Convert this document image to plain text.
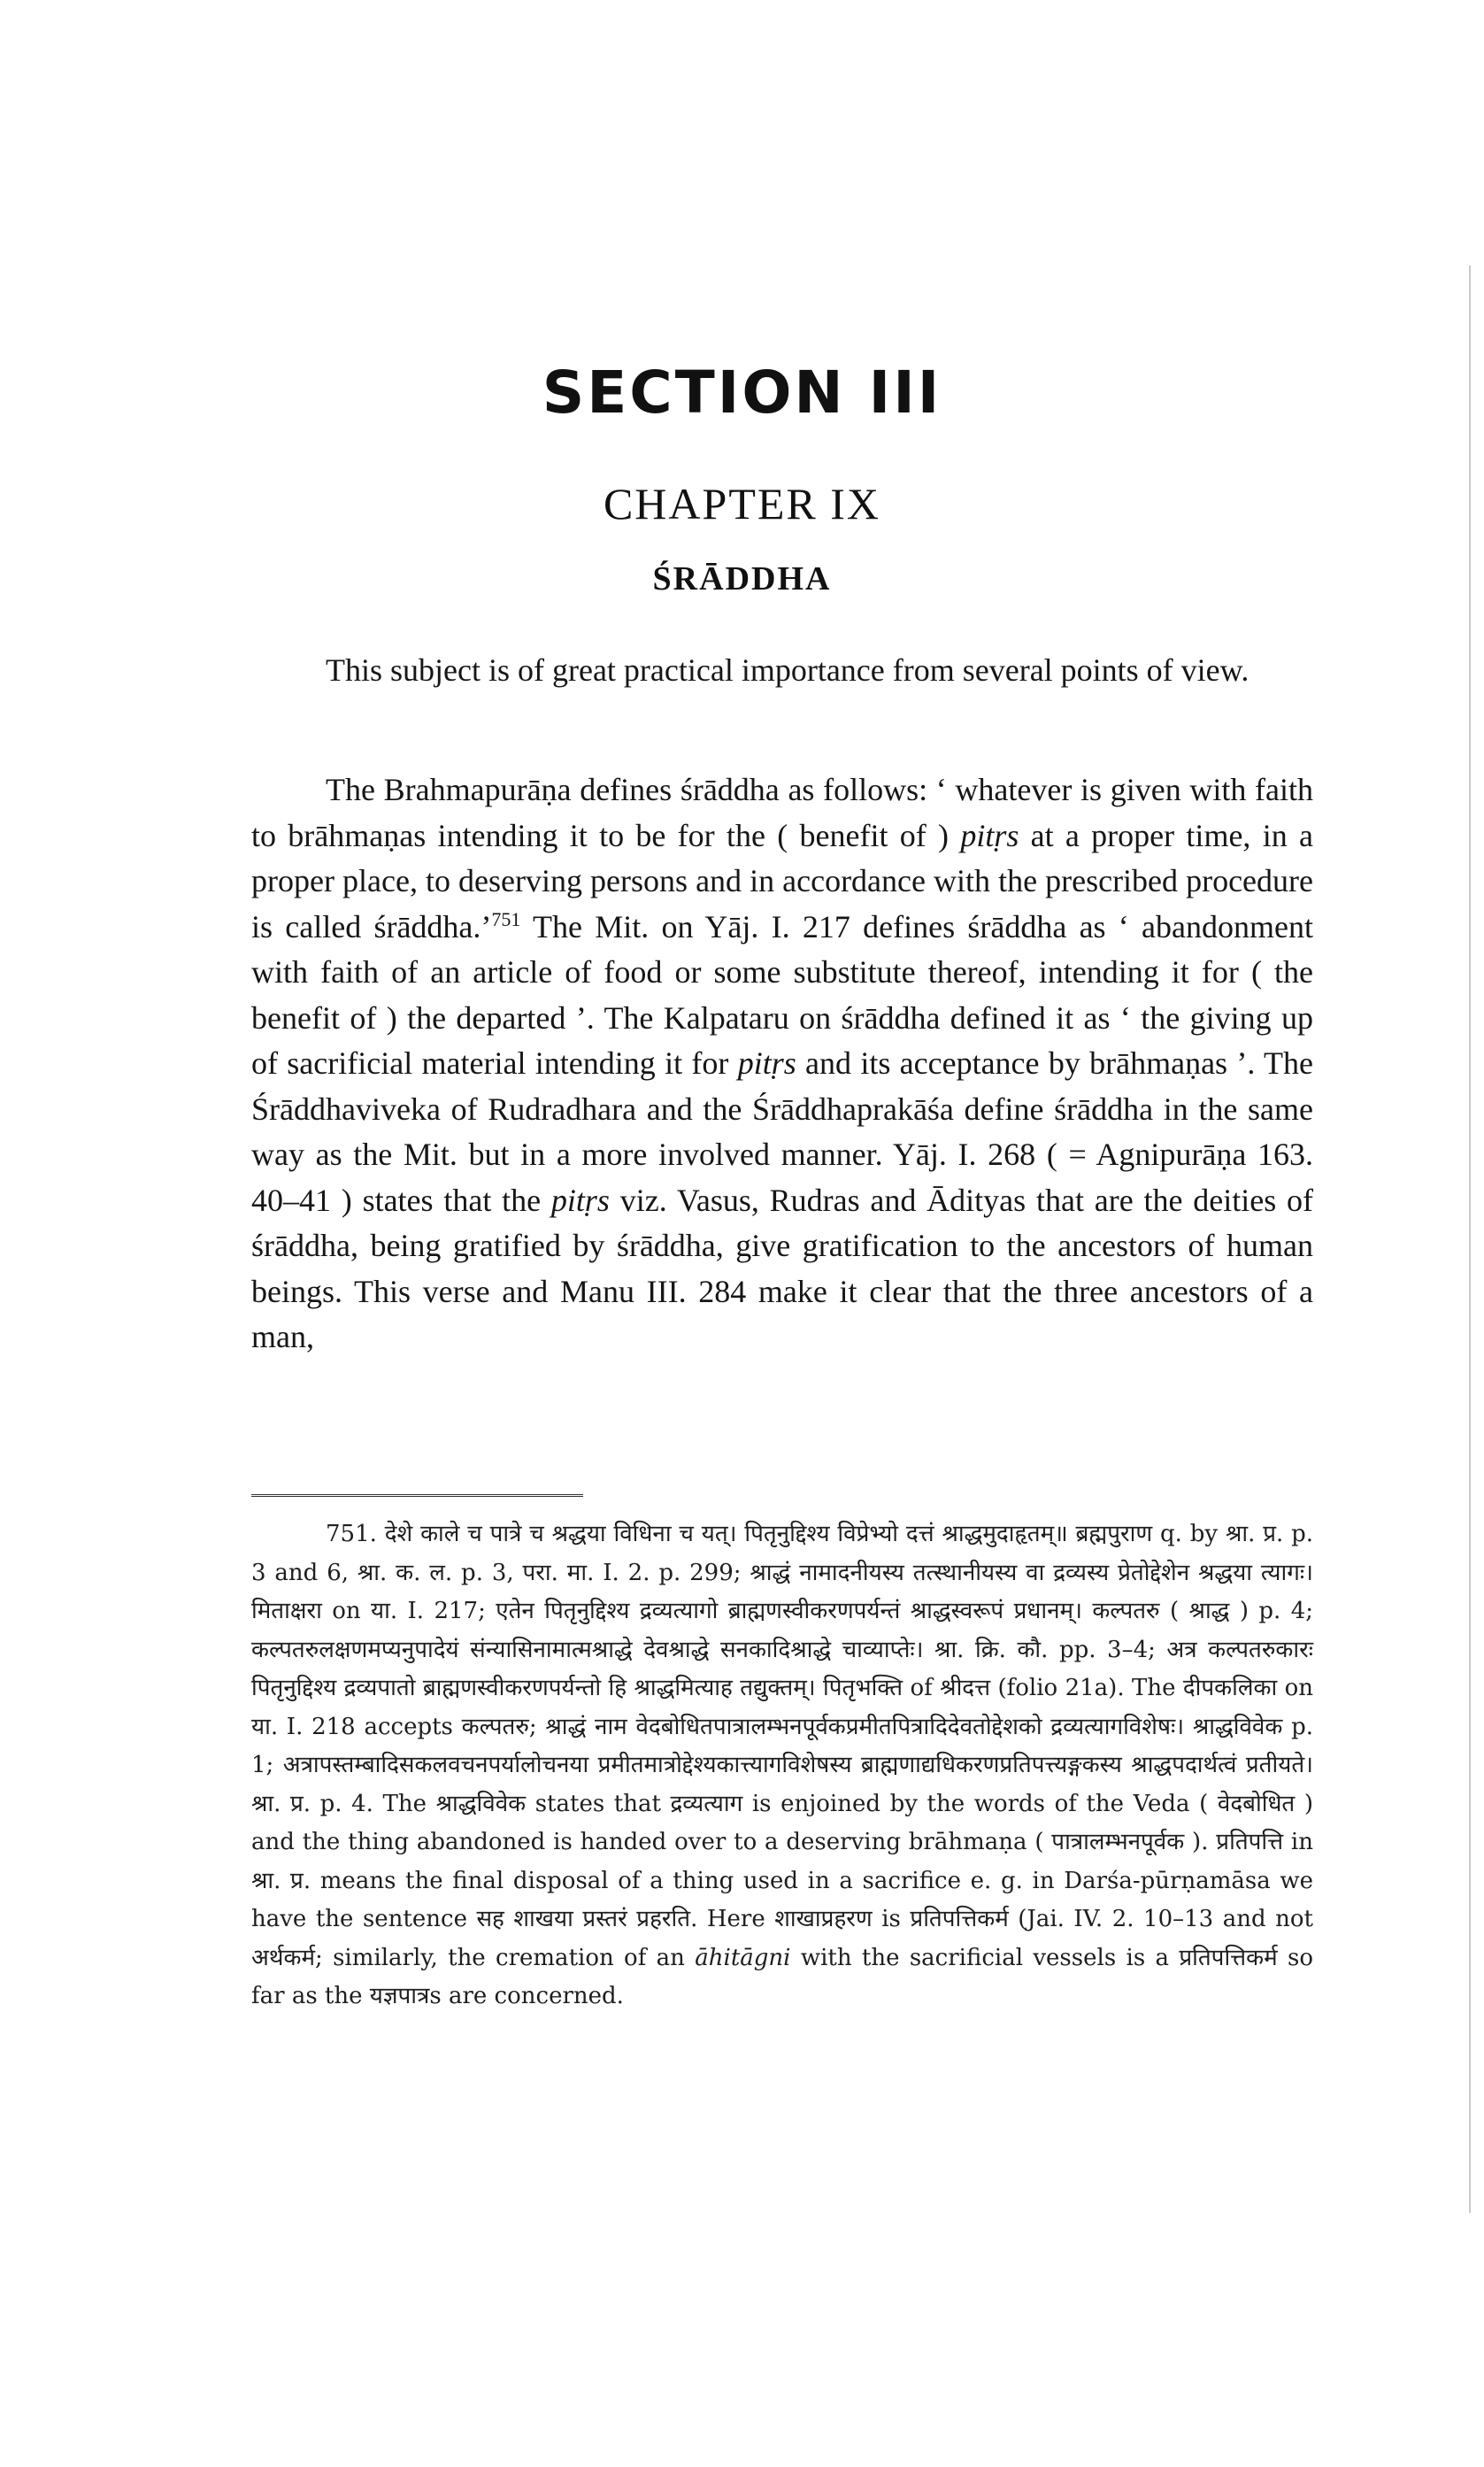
SECTION III
CHAPTER IX
ŚRĀDDHA

This subject is of great practical importance from several points of view.

The Brahmapurāṇa defines śrāddha as follows: ‘ whatever is given with faith to brāhmaṇas intending it to be for the ( benefit of ) pitṛs at a proper time, in a proper place, to deserving persons and in accordance with the prescribed procedure is called śrāddha.’$^{751}$ The Mit. on Yāj. I. 217 defines śrāddha as ‘ abandonment with faith of an article of food or some substitute thereof, intending it for ( the benefit of ) the departed ’. The Kalpataru on śrāddha defined it as ‘ the giving up of sacrificial material intending it for pitṛs and its acceptance by brāhmaṇas ’. The Śrāddhaviveka of Rudradhara and the Śrāddhaprakāśa define śrāddha in the same way as the Mit. but in a more involved manner. Yāj. I. 268 ( = Agnipurāṇa 163. 40–41 ) states that the pitṛs viz. Vasus, Rudras and Ādityas that are the deities of śrāddha, being gratified by śrāddha, give gratification to the ancestors of human beings. This verse and Manu III. 284 make it clear that the three ancestors of a man,

751. देशे काले च पात्रे च श्रद्धया विधिना च यत्। पितृनुद्दिश्य विप्रेभ्यो दत्तं श्राद्धमुदाहृतम्॥ ब्रह्मपुराण q. by श्रा. प्र. p. 3 and 6, श्रा. क. ल. p. 3, परा. मा. I. 2. p. 299; श्राद्धं नामादनीयस्य तत्स्थानीयस्य वा द्रव्यस्य प्रेतोद्देशेन श्रद्धया त्यागः। मिताक्षरा on या. I. 217; एतेन पितृनुद्दिश्य द्रव्यत्यागो ब्राह्मणस्वीकरणपर्यन्तं श्राद्धस्वरूपं प्रधानम्। कल्पतरु ( श्राद्ध ) p. 4; कल्पतरुलक्षणमप्यनुपादेयं संन्यासिनामात्मश्राद्धे देवश्राद्धे सनकादिश्राद्धे चाव्याप्तेः। श्रा. क्रि. कौ. pp. 3–4; अत्र कल्पतरुकारः पितृनुद्दिश्य द्रव्यपातो ब्राह्मणस्वीकरणपर्यन्तो हि श्राद्धमित्याह तद्युक्तम्। पितृभक्ति of श्रीदत्त (folio 21a). The दीपकलिका on या. I. 218 accepts कल्पतरु; श्राद्धं नाम वेदबोधितपात्रालम्भनपूर्वकप्रमीतपित्रादिदेवतोद्देशको द्रव्यत्यागविशेषः। श्राद्धविवेक p. 1; अत्रापस्तम्बादिसकलवचनपर्यालोचनया प्रमीतमात्रोद्देश्यकात्त्यागविशेषस्य ब्राह्मणाद्यधिकरणप्रतिपत्त्यङ्गकस्य श्राद्धपदार्थत्वं प्रतीयते। श्रा. प्र. p. 4. The श्राद्धविवेक states that द्रव्यत्याग is enjoined by the words of the Veda ( वेदबोधित ) and the thing abandoned is handed over to a deserving brāhmaṇa ( पात्रालम्भनपूर्वक ). प्रतिपत्ति in श्रा. प्र. means the final disposal of a thing used in a sacrifice e. g. in Darśa-pūrṇamāsa we have the sentence सह शाखया प्रस्तरं प्रहरति. Here शाखाप्रहरण is प्रतिपत्तिकर्म (Jai. IV. 2. 10–13 and not अर्थकर्म; similarly, the cremation of an āhitāgni with the sacrificial vessels is a प्रतिपत्तिकर्म so far as the यज्ञपात्रs are concerned.
